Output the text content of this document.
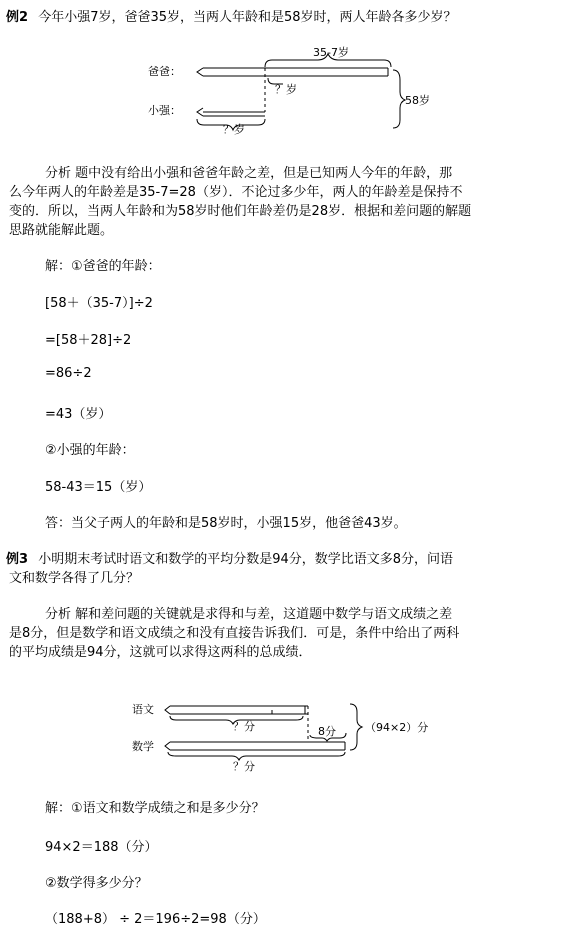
例2 今年小强7岁，爸爸35岁，当两人年龄和是58岁时，两人年龄各多少岁？
爸爸：
小强：
35-7岁
？岁
？岁
58岁
分析 题中没有给出小强和爸爸年龄之差，但是已知两人今年的年龄，那
么今年两人的年龄差是35-7=28（岁）．不论过多少年，两人的年龄差是保持不
变的．所以，当两人年龄和为58岁时他们年龄差仍是28岁．根据和差问题的解题
思路就能解此题。
解：①爸爸的年龄：
[58＋（35-7）]÷2
=[58＋28]÷2
=86÷2
=43（岁）
②小强的年龄：
58-43＝15（岁）
答：当父子两人的年龄和是58岁时，小强15岁，他爸爸43岁。
例3 小明期末考试时语文和数学的平均分数是94分，数学比语文多8分，问语
文和数学各得了几分？
分析 解和差问题的关键就是求得和与差，这道题中数学与语文成绩之差
是8分，但是数学和语文成绩之和没有直接告诉我们．可是，条件中给出了两科
的平均成绩是94分，这就可以求得这两科的总成绩．
语文
数学
？分	8分
？分
（94×2）分
解：①语文和数学成绩之和是多少分？
94×2＝188（分）
②数学得多少分？
（188+8） ÷ 2＝196÷2=98（分）
